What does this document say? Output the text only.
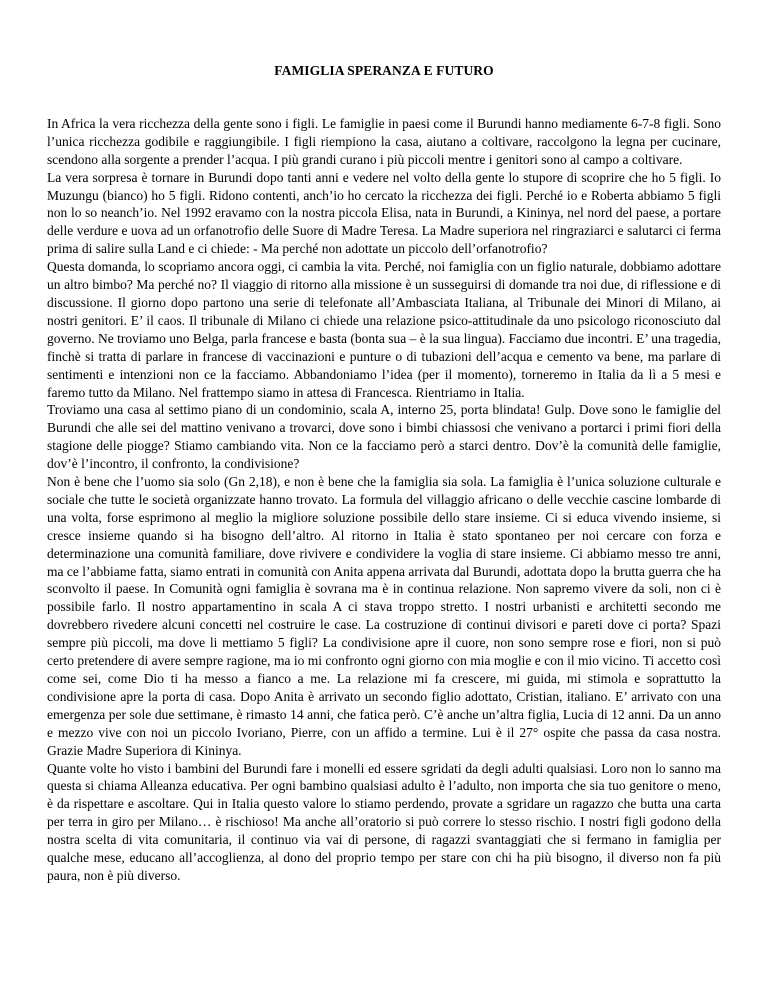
FAMIGLIA SPERANZA E FUTURO

In Africa la vera ricchezza della gente sono i figli. Le famiglie in paesi come il Burundi hanno mediamente 6-7-8 figli. Sono l’unica ricchezza godibile e raggiungibile. I figli riempiono la casa, aiutano a coltivare, raccolgono la legna per cucinare, scendono alla sorgente a prender l’acqua. I più grandi curano i più piccoli mentre i genitori sono al campo a coltivare.

La vera sorpresa è tornare in Burundi dopo tanti anni e vedere nel volto della gente lo stupore di scoprire che ho 5 figli. Io Muzungu (bianco) ho 5 figli. Ridono contenti, anch’io ho cercato la ricchezza dei figli. Perché io e Roberta abbiamo 5 figli non lo so neanch’io. Nel 1992 eravamo con la nostra piccola Elisa, nata in Burundi, a Kininya, nel nord del paese, a portare delle verdure e uova ad un orfanotrofio delle Suore di Madre Teresa. La Madre superiora nel ringraziarci e salutarci ci ferma prima di salire sulla Land e ci chiede: - Ma perché non adottate un piccolo dell’orfanotrofio?

Questa domanda, lo scopriamo ancora oggi, ci cambia la vita. Perché, noi famiglia con un figlio naturale, dobbiamo adottare un altro bimbo? Ma perché no? Il viaggio di ritorno alla missione è un susseguirsi di domande tra noi due, di riflessione e di discussione. Il giorno dopo partono una serie di telefonate all’Ambasciata Italiana, al Tribunale dei Minori di Milano, ai nostri genitori. E’ il caos. Il tribunale di Milano ci chiede una relazione psico-attitudinale da uno psicologo riconosciuto dal governo. Ne troviamo uno Belga, parla francese e basta (bonta sua – è la sua lingua). Facciamo due incontri. E’ una tragedia, finchè si tratta di parlare in francese di vaccinazioni e punture o di tubazioni dell’acqua e cemento va bene, ma parlare di sentimenti e intenzioni non ce la facciamo. Abbandoniamo l’idea (per il momento), torneremo in Italia da lì a 5 mesi e faremo tutto da Milano. Nel frattempo siamo in attesa di Francesca. Rientriamo in Italia.

Troviamo una casa al settimo piano di un condominio, scala A, interno 25, porta blindata! Gulp. Dove sono le famiglie del Burundi che alle sei del mattino venivano a trovarci, dove sono i bimbi chiassosi che venivano a portarci i primi fiori della stagione delle piogge? Stiamo cambiando vita. Non ce la facciamo però a starci dentro. Dov’è la comunità delle famiglie, dov’è l’incontro, il confronto, la condivisione?

Non è bene che l’uomo sia solo (Gn 2,18), e non è bene che la famiglia sia sola. La famiglia è l’unica soluzione culturale e sociale che tutte le società organizzate hanno trovato. La formula del villaggio africano o delle vecchie cascine lombarde di una volta, forse esprimono al meglio la migliore soluzione possibile dello stare insieme. Ci si educa vivendo insieme, si cresce insieme quando si ha bisogno dell’altro. Al ritorno in Italia è stato spontaneo per noi cercare con forza e determinazione una comunità familiare, dove rivivere e condividere la voglia di stare insieme. Ci abbiamo messo tre anni, ma ce l’abbiame fatta, siamo entrati in comunità con Anita appena arrivata dal Burundi, adottata dopo la brutta guerra che ha sconvolto il paese. In Comunità ogni famiglia è sovrana ma è in continua relazione. Non sapremo vivere da soli, non ci è possibile farlo. Il nostro appartamentino in scala A ci stava troppo stretto. I nostri urbanisti e architetti secondo me dovrebbero rivedere alcuni concetti nel costruire le case. La costruzione di continui divisori e pareti dove ci porta? Spazi sempre più piccoli, ma dove li mettiamo 5 figli? La condivisione apre il cuore, non sono sempre rose e fiori, non si può certo pretendere di avere sempre ragione, ma io mi confronto ogni giorno con mia moglie e con il mio vicino. Ti accetto così come sei, come Dio ti ha messo a fianco a me. La relazione mi fa crescere, mi guida, mi stimola e soprattutto la condivisione apre la porta di casa. Dopo Anita è arrivato un secondo figlio adottato, Cristian, italiano. E’ arrivato con una emergenza per sole due settimane, è rimasto 14 anni, che fatica però. C’è anche un’altra figlia, Lucia di 12 anni. Da un anno e mezzo vive con noi un piccolo Ivoriano, Pierre, con un affido a termine. Lui è il 27° ospite che passa da casa nostra. Grazie Madre Superiora di Kininya.

Quante volte ho visto i bambini del Burundi fare i monelli ed essere sgridati da degli adulti qualsiasi. Loro non lo sanno ma questa si chiama Alleanza educativa. Per ogni bambino qualsiasi adulto è l’adulto, non importa che sia tuo genitore o meno, è da rispettare e ascoltare. Qui in Italia questo valore lo stiamo perdendo, provate a sgridare un ragazzo che butta una carta per terra in giro per Milano… è rischioso! Ma anche all’oratorio si può correre lo stesso rischio. I nostri figli godono della nostra scelta di vita comunitaria, il continuo via vai di persone, di ragazzi svantaggiati che si fermano in famiglia per qualche mese, educano all’accoglienza, al dono del proprio tempo per stare con chi ha più bisogno, il diverso non fa più paura, non è più diverso.
